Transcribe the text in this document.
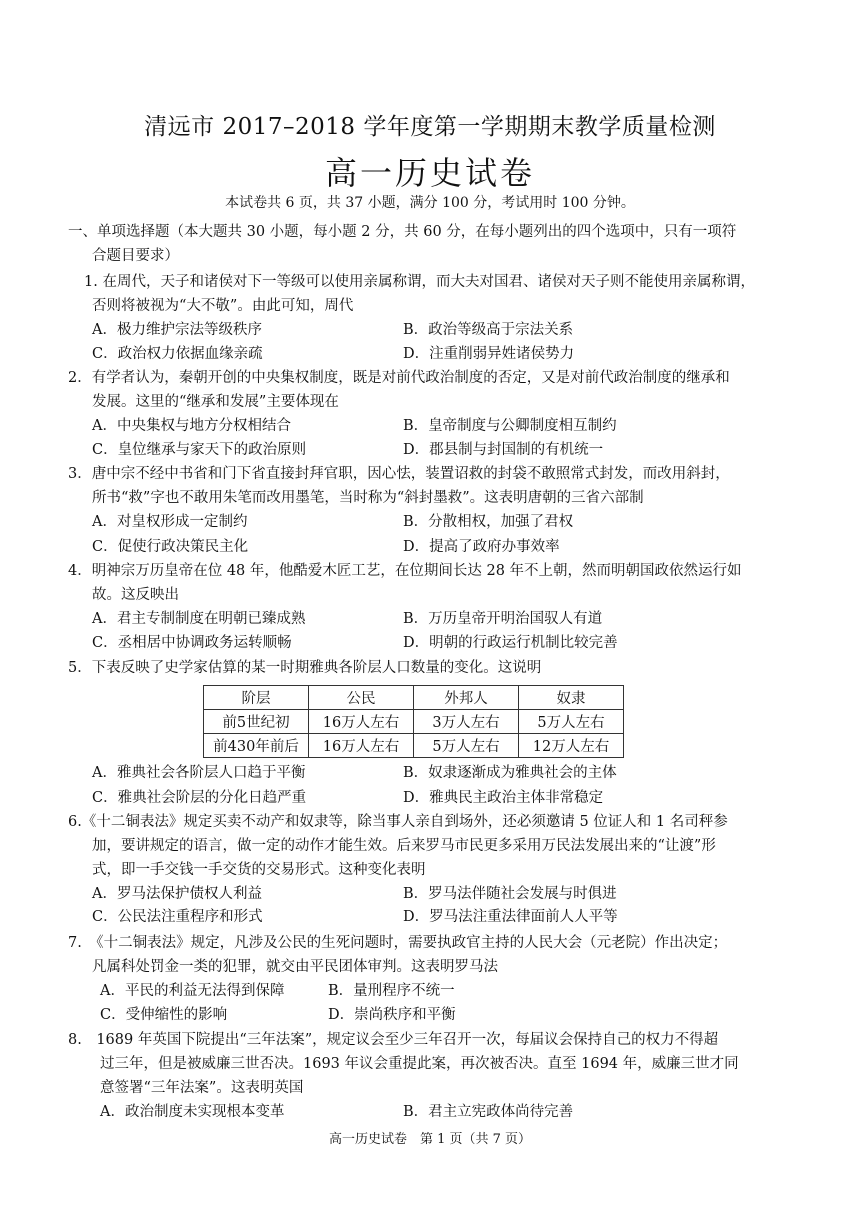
清远市 2017–2018 学年度第一学期期末教学质量检测
高一历史试卷
本试卷共 6 页，共 37 小题，满分 100 分，考试用时 100 分钟。
一、单项选择题（本大题共 30 小题，每小题 2 分，共 60 分，在每小题列出的四个选项中，只有一项符
合题目要求）
1. 在周代，天子和诸侯对下一等级可以使用亲属称谓，而大夫对国君、诸侯对天子则不能使用亲属称谓，
否则将被视为“大不敬”。由此可知，周代
A．极力维护宗法等级秩序	B．政治等级高于宗法关系
C．政治权力依据血缘亲疏	D．注重削弱异姓诸侯势力
2．有学者认为，秦朝开创的中央集权制度，既是对前代政治制度的否定，又是对前代政治制度的继承和
发展。这里的“继承和发展”主要体现在
A．中央集权与地方分权相结合	B．皇帝制度与公卿制度相互制约
C．皇位继承与家天下的政治原则	D．郡县制与封国制的有机统一
3．唐中宗不经中书省和门下省直接封拜官职，因心怯，装置诏救的封袋不敢照常式封发，而改用斜封，
所书“救”字也不敢用朱笔而改用墨笔，当时称为“斜封墨救”。这表明唐朝的三省六部制
A．对皇权形成一定制约	B．分散相权，加强了君权
C．促使行政决策民主化	D．提高了政府办事效率
4．明神宗万历皇帝在位 48 年，他酷爱木匠工艺，在位期间长达 28 年不上朝，然而明朝国政依然运行如
故。这反映出
A．君主专制制度在明朝已臻成熟	B．万历皇帝开明治国驭人有道
C．丞相居中协调政务运转顺畅	D．明朝的行政运行机制比较完善
5．下表反映了史学家估算的某一时期雅典各阶层人口数量的变化。这说明
阶层	公民	外邦人	奴隶
前5世纪初	16万人左右	3万人左右	5万人左右
前430年前后	16万人左右	5万人左右	12万人左右
A．雅典社会各阶层人口趋于平衡	B．奴隶逐渐成为雅典社会的主体
C．雅典社会阶层的分化日趋严重	D．雅典民主政治主体非常稳定
6.《十二铜表法》规定买卖不动产和奴隶等，除当事人亲自到场外，还必须邀请 5 位证人和 1 名司秤参
加，要讲规定的语言，做一定的动作才能生效。后来罗马市民更多采用万民法发展出来的“让渡”形
式，即一手交钱一手交货的交易形式。这种变化表明
A．罗马法保护债权人利益	B．罗马法伴随社会发展与时俱进
C．公民法注重程序和形式	D．罗马法注重法律面前人人平等
7.　《十二铜表法》规定，凡涉及公民的生死问题时，需要执政官主持的人民大会（元老院）作出决定；
凡属科处罚金一类的犯罪，就交由平民团体审判。这表明罗马法
A．平民的利益无法得到保障	B．量刑程序不统一
C．受伸缩性的影响	D．崇尚秩序和平衡
8.　1689 年英国下院提出“三年法案”，规定议会至少三年召开一次，每届议会保持自己的权力不得超
过三年，但是被威廉三世否决。1693 年议会重提此案，再次被否决。直至 1694 年，威廉三世才同
意签署“三年法案”。这表明英国
A．政治制度未实现根本变革	B．君主立宪政体尚待完善
高一历史试卷　第 1 页（共 7 页）
